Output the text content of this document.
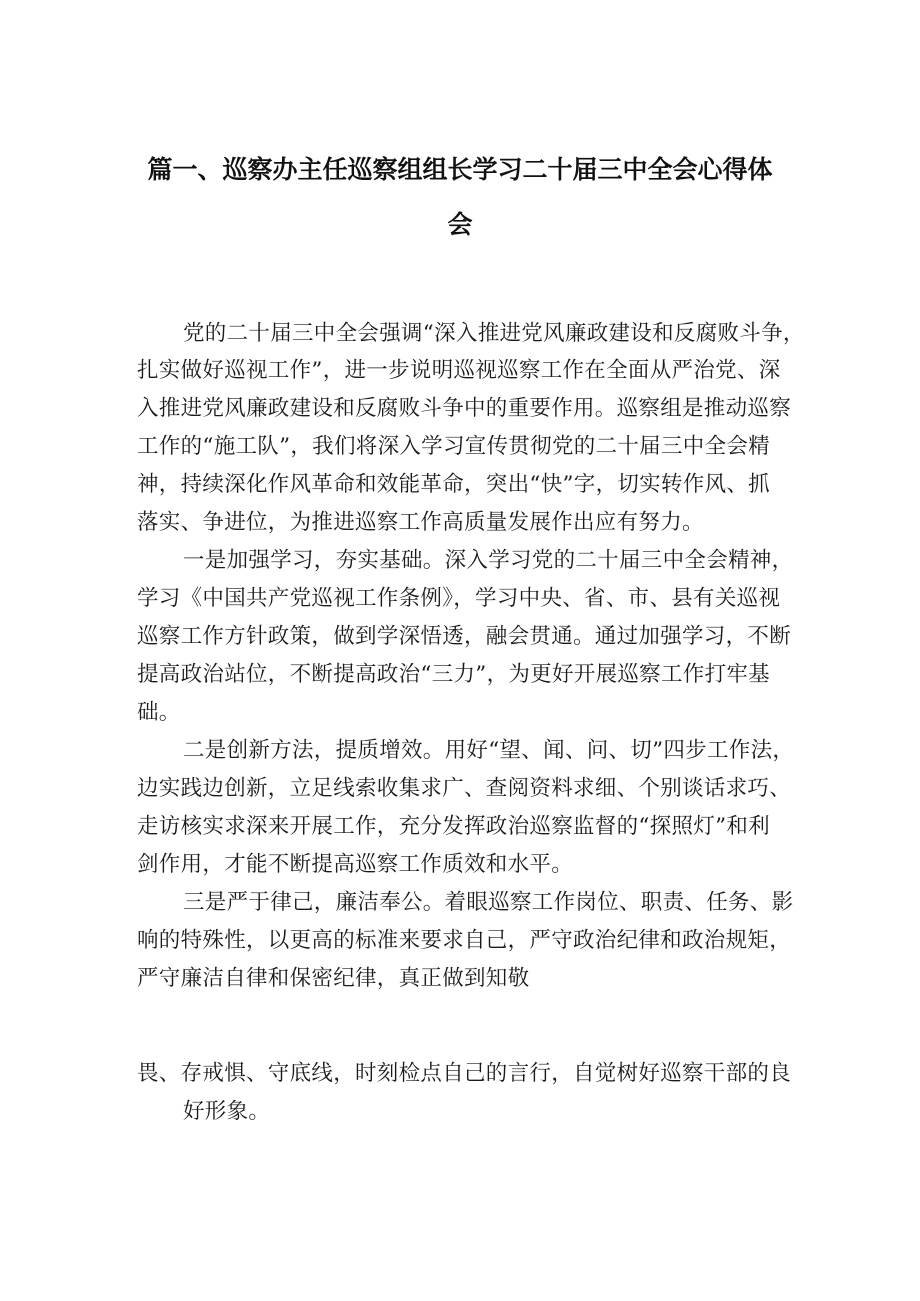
篇一、巡察办主任巡察组组长学习二十届三中全会心得体
会
党的二十届三中全会强调“深入推进党风廉政建设和反腐败斗争，
扎实做好巡视工作”，进一步说明巡视巡察工作在全面从严治党、深
入推进党风廉政建设和反腐败斗争中的重要作用。巡察组是推动巡察
工作的“施工队”，我们将深入学习宣传贯彻党的二十届三中全会精
神，持续深化作风革命和效能革命，突出“快”字，切实转作风、抓
落实、争进位，为推进巡察工作高质量发展作出应有努力。
一是加强学习，夯实基础。深入学习党的二十届三中全会精神，
学习《中国共产党巡视工作条例》，学习中央、省、市、县有关巡视
巡察工作方针政策，做到学深悟透，融会贯通。通过加强学习，不断
提高政治站位，不断提高政治“三力”，为更好开展巡察工作打牢基
础。
二是创新方法，提质增效。用好“望、闻、问、切”四步工作法，
边实践边创新，立足线索收集求广、查阅资料求细、个别谈话求巧、
走访核实求深来开展工作，充分发挥政治巡察监督的“探照灯”和利
剑作用，才能不断提高巡察工作质效和水平。
三是严于律己，廉洁奉公。着眼巡察工作岗位、职责、任务、影
响的特殊性，以更高的标准来要求自己，严守政治纪律和政治规矩，
严守廉洁自律和保密纪律，真正做到知敬
畏、存戒惧、守底线，时刻检点自己的言行，自觉树好巡察干部的良
好形象。
